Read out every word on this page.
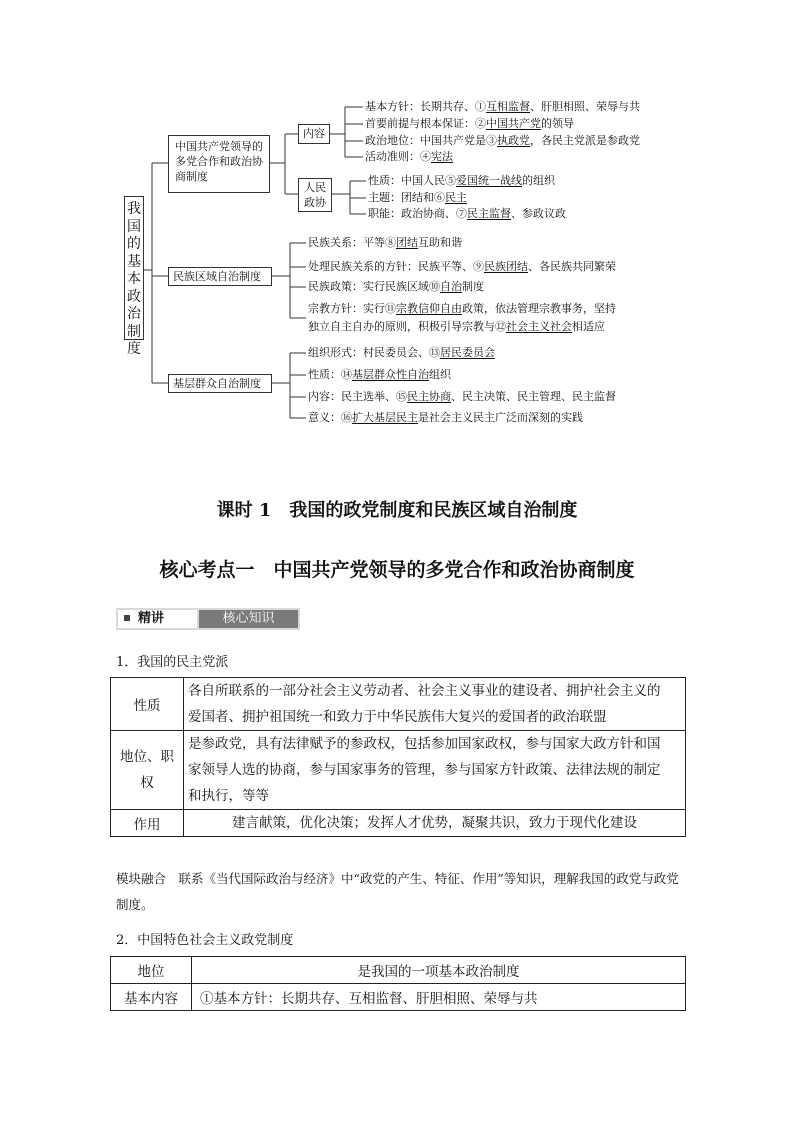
我国的基本政治制度
中国共产党领导的多党合作和政治协商制度
内容
人民政协
基本方针：长期共存、①互相监督、肝胆相照、荣辱与共
首要前提与根本保证：②中国共产党的领导
政治地位：中国共产党是③执政党，各民主党派是参政党
活动准则：④宪法
性质：中国人民⑤爱国统一战线的组织
主题：团结和⑥民主
职能：政治协商、⑦民主监督、参政议政
民族区域自治制度
民族关系：平等⑧团结互助和谐
处理民族关系的方针：民族平等、⑨民族团结、各民族共同繁荣
民族政策：实行民族区域⑩自治制度
宗教方针：实行⑪宗教信仰自由政策，依法管理宗教事务，坚持
独立自主自办的原则，积极引导宗教与⑫社会主义社会相适应
基层群众自治制度
组织形式：村民委员会、⑬居民委员会
性质：⑭基层群众性自治组织
内容：民主选举、⑮民主协商、民主决策、民主管理、民主监督
意义：⑯扩大基层民主是社会主义民主广泛而深刻的实践
课时 1　我国的政党制度和民族区域自治制度
核心考点一　中国共产党领导的多党合作和政治协商制度
精讲	核心知识
1．我国的民主党派
性质	各自所联系的一部分社会主义劳动者、社会主义事业的建设者、拥护社会主义的
爱国者、拥护祖国统一和致力于中华民族伟大复兴的爱国者的政治联盟

地位、职权	是参政党，具有法律赋予的参政权，包括参加国家政权，参与国家大政方针和国
家领导人选的协商，参与国家事务的管理，参与国家方针政策、法律法规的制定
和执行，等等

作用	建言献策，优化决策；发挥人才优势，凝聚共识，致力于现代化建设
模块融合　联系《当代国际政治与经济》中“政党的产生、特征、作用”等知识，理解我国的政党与政党制度。
2．中国特色社会主义政党制度
地位	是我国的一项基本政治制度
基本内容	①基本方针：长期共存、互相监督、肝胆相照、荣辱与共
